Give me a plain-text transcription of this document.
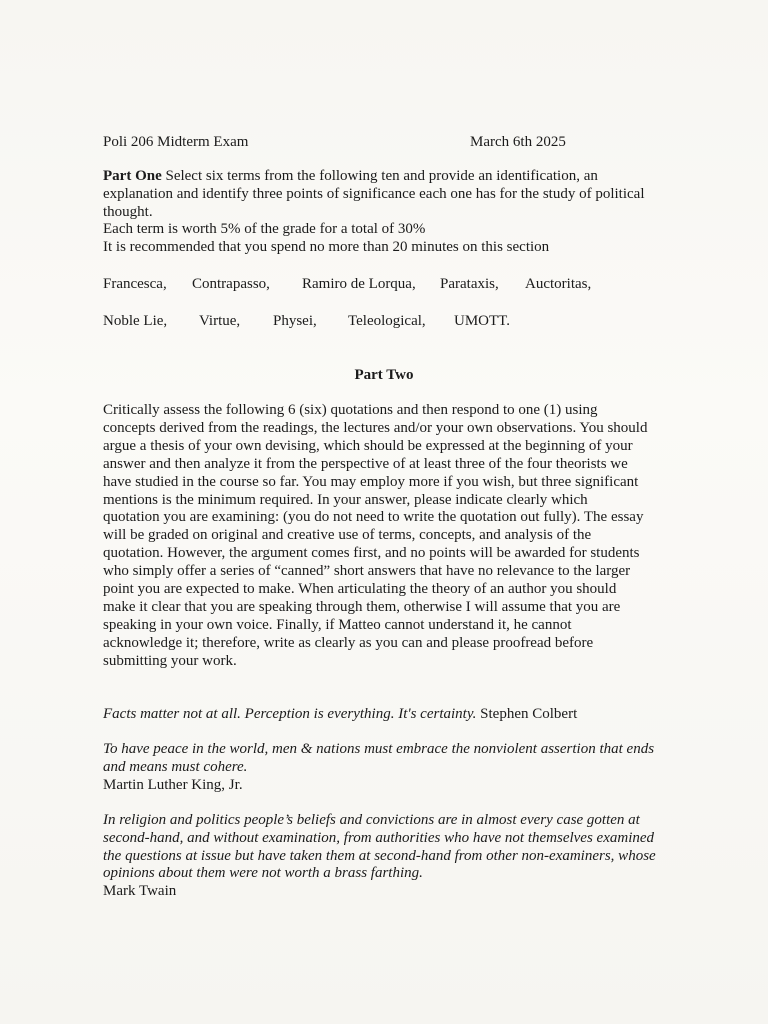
Poli 206 Midterm Exam	March 6th 2025
Part One Select six terms from the following ten and provide an identification, an explanation and identify three points of significance each one has for the study of political thought.
Each term is worth 5% of the grade for a total of 30%
It is recommended that you spend no more than 20 minutes on this section
Francesca, Contrapasso, Ramiro de Lorqua, Parataxis, Auctoritas,
Noble Lie, Virtue, Physei, Teleological, UMOTT.
Part Two
Critically assess the following 6 (six) quotations and then respond to one (1) using concepts derived from the readings, the lectures and/or your own observations. You should argue a thesis of your own devising, which should be expressed at the beginning of your answer and then analyze it from the perspective of at least three of the four theorists we have studied in the course so far. You may employ more if you wish, but three significant mentions is the minimum required. In your answer, please indicate clearly which quotation you are examining: (you do not need to write the quotation out fully). The essay will be graded on original and creative use of terms, concepts, and analysis of the quotation. However, the argument comes first, and no points will be awarded for students who simply offer a series of “canned” short answers that have no relevance to the larger point you are expected to make. When articulating the theory of an author you should make it clear that you are speaking through them, otherwise I will assume that you are speaking in your own voice. Finally, if Matteo cannot understand it, he cannot acknowledge it; therefore, write as clearly as you can and please proofread before submitting your work.
Facts matter not at all. Perception is everything. It's certainty. Stephen Colbert
To have peace in the world, men & nations must embrace the nonviolent assertion that ends and means must cohere.
Martin Luther King, Jr.
In religion and politics people’s beliefs and convictions are in almost every case gotten at second-hand, and without examination, from authorities who have not themselves examined the questions at issue but have taken them at second-hand from other non-examiners, whose opinions about them were not worth a brass farthing.
Mark Twain
